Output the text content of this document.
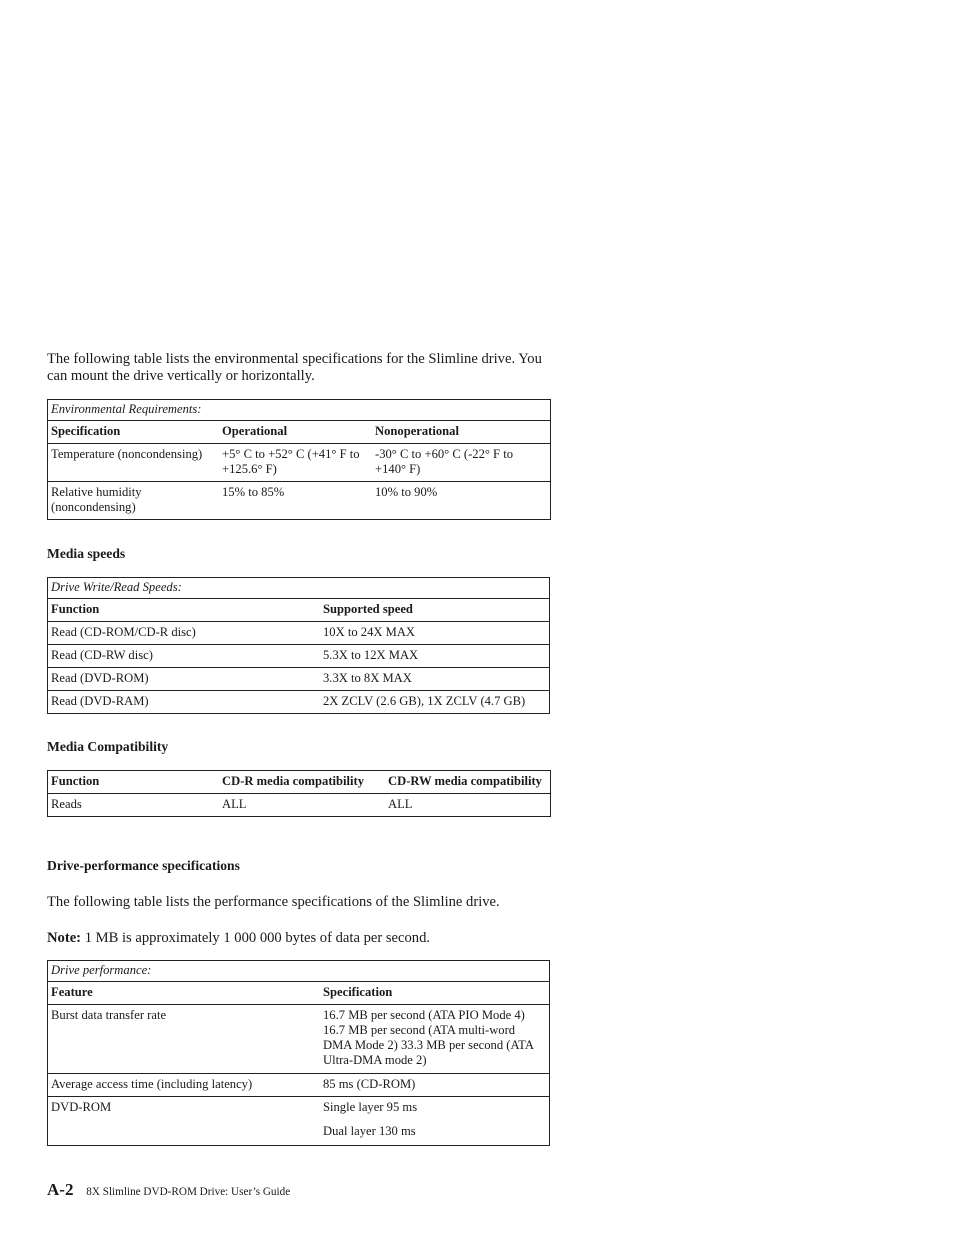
The following table lists the environmental specifications for the Slimline drive. You can mount the drive vertically or horizontally.

Environmental Requirements:		
Specification	Operational	Nonoperational
Temperature (noncondensing)	+5° C to +52° C (+41° F to +125.6° F)	-30° C to +60° C (-22° F to +140° F)
Relative humidity (noncondensing)	15% to 85%	10% to 90%
Media speeds
Drive Write/Read Speeds:	
Function	Supported speed
Read (CD-ROM/CD-R disc)	10X to 24X MAX
Read (CD-RW disc)	5.3X to 12X MAX
Read (DVD-ROM)	3.3X to 8X MAX
Read (DVD-RAM)	2X ZCLV (2.6 GB), 1X ZCLV (4.7 GB)
Media Compatibility
Function	CD-R media compatibility	CD-RW media compatibility
Reads	ALL	ALL
Drive-performance specifications

The following table lists the performance specifications of the Slimline drive.

Note: 1 MB is approximately 1 000 000 bytes of data per second.

Drive performance:	
Feature	Specification
Burst data transfer rate	16.7 MB per second (ATA PIO Mode 4) 16.7 MB per second (ATA multi-word DMA Mode 2) 33.3 MB per second (ATA Ultra-DMA mode 2)
Average access time (including latency)	85 ms (CD-ROM)
DVD-ROM	Single layer 95 ms
Dual layer 130 ms
A-2 8X Slimline DVD-ROM Drive: User’s Guide
